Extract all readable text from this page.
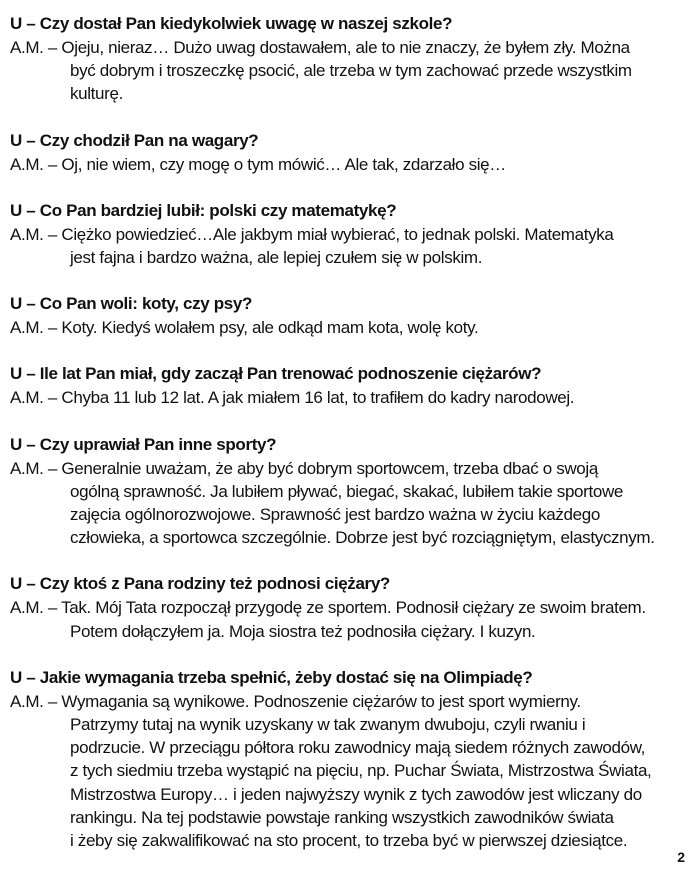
U – Czy dostał Pan kiedykolwiek uwagę w naszej szkole?
A.M. – Ojeju, nieraz… Dużo uwag dostawałem, ale to nie znaczy, że byłem zły. Można
być dobrym i troszeczkę psocić, ale trzeba w tym zachować przede wszystkim
kulturę.
U – Czy chodził Pan na wagary?
A.M. – Oj, nie wiem, czy mogę o tym mówić… Ale tak, zdarzało się…
U – Co Pan bardziej lubił: polski czy matematykę?
A.M. – Ciężko powiedzieć…Ale jakbym miał wybierać, to jednak polski. Matematyka
jest fajna i bardzo ważna, ale lepiej czułem się w polskim.
U – Co Pan woli: koty, czy psy?
A.M. – Koty. Kiedyś wolałem psy, ale odkąd mam kota, wolę koty.
U – Ile lat Pan miał, gdy zaczął Pan trenować podnoszenie ciężarów?
A.M. – Chyba 11 lub 12 lat. A jak miałem 16 lat, to trafiłem do kadry narodowej.
U – Czy uprawiał Pan inne sporty?
A.M. – Generalnie uważam, że aby być dobrym sportowcem, trzeba dbać o swoją
ogólną sprawność. Ja lubiłem pływać, biegać, skakać, lubiłem takie sportowe
zajęcia ogólnorozwojowe. Sprawność jest bardzo ważna w życiu każdego
człowieka, a sportowca szczególnie. Dobrze jest być rozciągniętym, elastycznym.
U – Czy ktoś z Pana rodziny też podnosi ciężary?
A.M. – Tak. Mój Tata rozpoczął przygodę ze sportem. Podnosił ciężary ze swoim bratem.
Potem dołączyłem ja. Moja siostra też podnosiła ciężary. I kuzyn.
U – Jakie wymagania trzeba spełnić, żeby dostać się na Olimpiadę?
A.M. – Wymagania są wynikowe. Podnoszenie ciężarów to jest sport wymierny.
Patrzymy tutaj na wynik uzyskany w tak zwanym dwuboju, czyli rwaniu i
podrzucie. W przeciągu półtora roku zawodnicy mają siedem różnych zawodów,
z tych siedmiu trzeba wystąpić na pięciu, np. Puchar Świata, Mistrzostwa Świata,
Mistrzostwa Europy… i jeden najwyższy wynik z tych zawodów jest wliczany do
rankingu. Na tej podstawie powstaje ranking wszystkich zawodników świata
i żeby się zakwalifikować na sto procent, to trzeba być w pierwszej dziesiątce.
2
